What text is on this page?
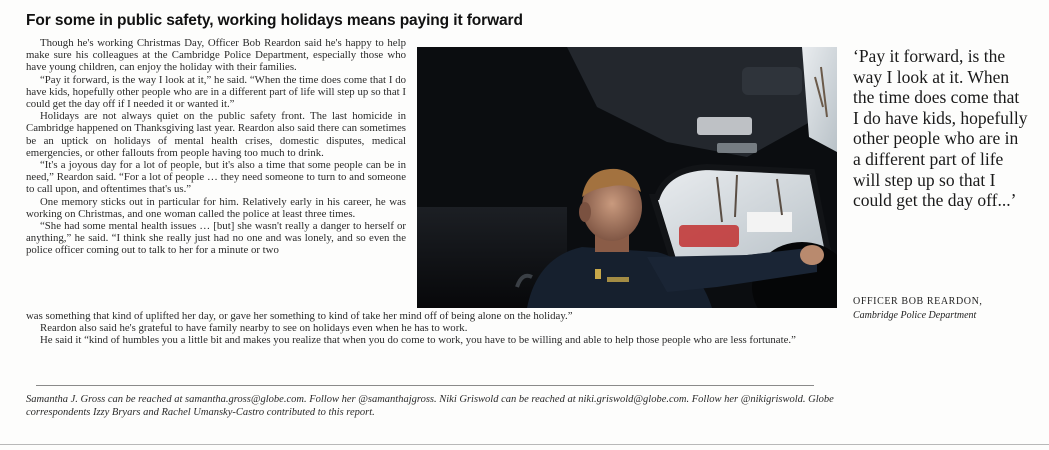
For some in public safety, working holidays means paying it forward

Though he's working Christmas Day, Officer Bob Reardon said he's happy to help make sure his colleagues at the Cambridge Police Department, especially those who have young children, can enjoy the holiday with their families.

“Pay it forward, is the way I look at it,” he said. “When the time does come that I do have kids, hopefully other people who are in a different part of life will step up so that I could get the day off if I needed it or wanted it.”

Holidays are not always quiet on the public safety front. The last homicide in Cambridge happened on Thanksgiving last year. Reardon also said there can sometimes be an uptick on holidays of mental health crises, domestic disputes, medical emergencies, or other fallouts from people having too much to drink.

“It's a joyous day for a lot of people, but it's also a time that some people can be in need,” Reardon said. “For a lot of people … they need someone to turn to and someone to call upon, and oftentimes that's us.”

One memory sticks out in particular for him. Relatively early in his career, he was working on Christmas, and one woman called the police at least three times.

“She had some mental health issues … [but] she wasn't really a danger to herself or anything,” he said. “I think she really just had no one and was lonely, and so even the police officer coming out to talk to her for a minute or two

‘Pay it forward, is the way I look at it. When the time does come that I do have kids, hopefully other people who are in a different part of life will step up so that I could get the day off...’
OFFICER BOB REARDON,
Cambridge Police Department

was something that kind of uplifted her day, or gave her something to kind of take her mind off of being alone on the holiday.”

Reardon also said he's grateful to have family nearby to see on holidays even when he has to work.

He said it “kind of humbles you a little bit and makes you realize that when you do come to work, you have to be willing and able to help those people who are less fortunate.”

Samantha J. Gross can be reached at samantha.gross@globe.com. Follow her @samanthajgross. Niki Griswold can be reached at niki.griswold@globe.com. Follow her @nikigriswold. Globe correspondents Izzy Bryars and Rachel Umansky-Castro contributed to this report.
